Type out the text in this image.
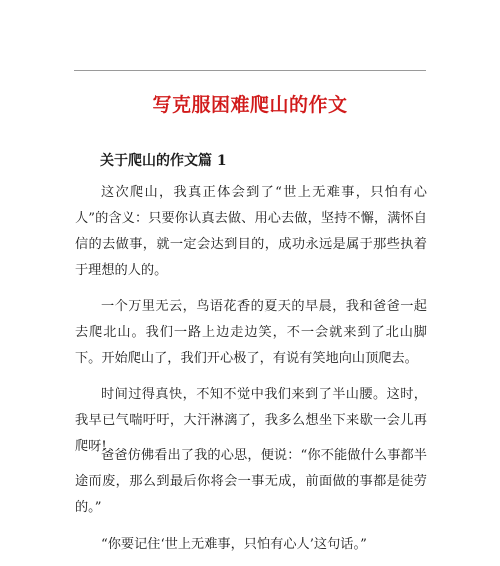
写克服困难爬山的作文
关于爬山的作文篇 1

这次爬山，我真正体会到了“世上无难事，只怕有心人”的含义：只要你认真去做、用心去做，坚持不懈，满怀自信的去做事，就一定会达到目的，成功永远是属于那些执着于理想的人的。

一个万里无云，鸟语花香的夏天的早晨，我和爸爸一起去爬北山。我们一路上边走边笑，不一会就来到了北山脚下。开始爬山了，我们开心极了，有说有笑地向山顶爬去。

时间过得真快，不知不觉中我们来到了半山腰。这时，我早已气喘吁吁，大汗淋漓了，我多么想坐下来歇一会儿再爬呀!

爸爸仿佛看出了我的心思，便说：“你不能做什么事都半途而废，那么到最后你将会一事无成，前面做的事都是徒劳的。”

“你要记住‘世上无难事，只怕有心人’这句话。”
